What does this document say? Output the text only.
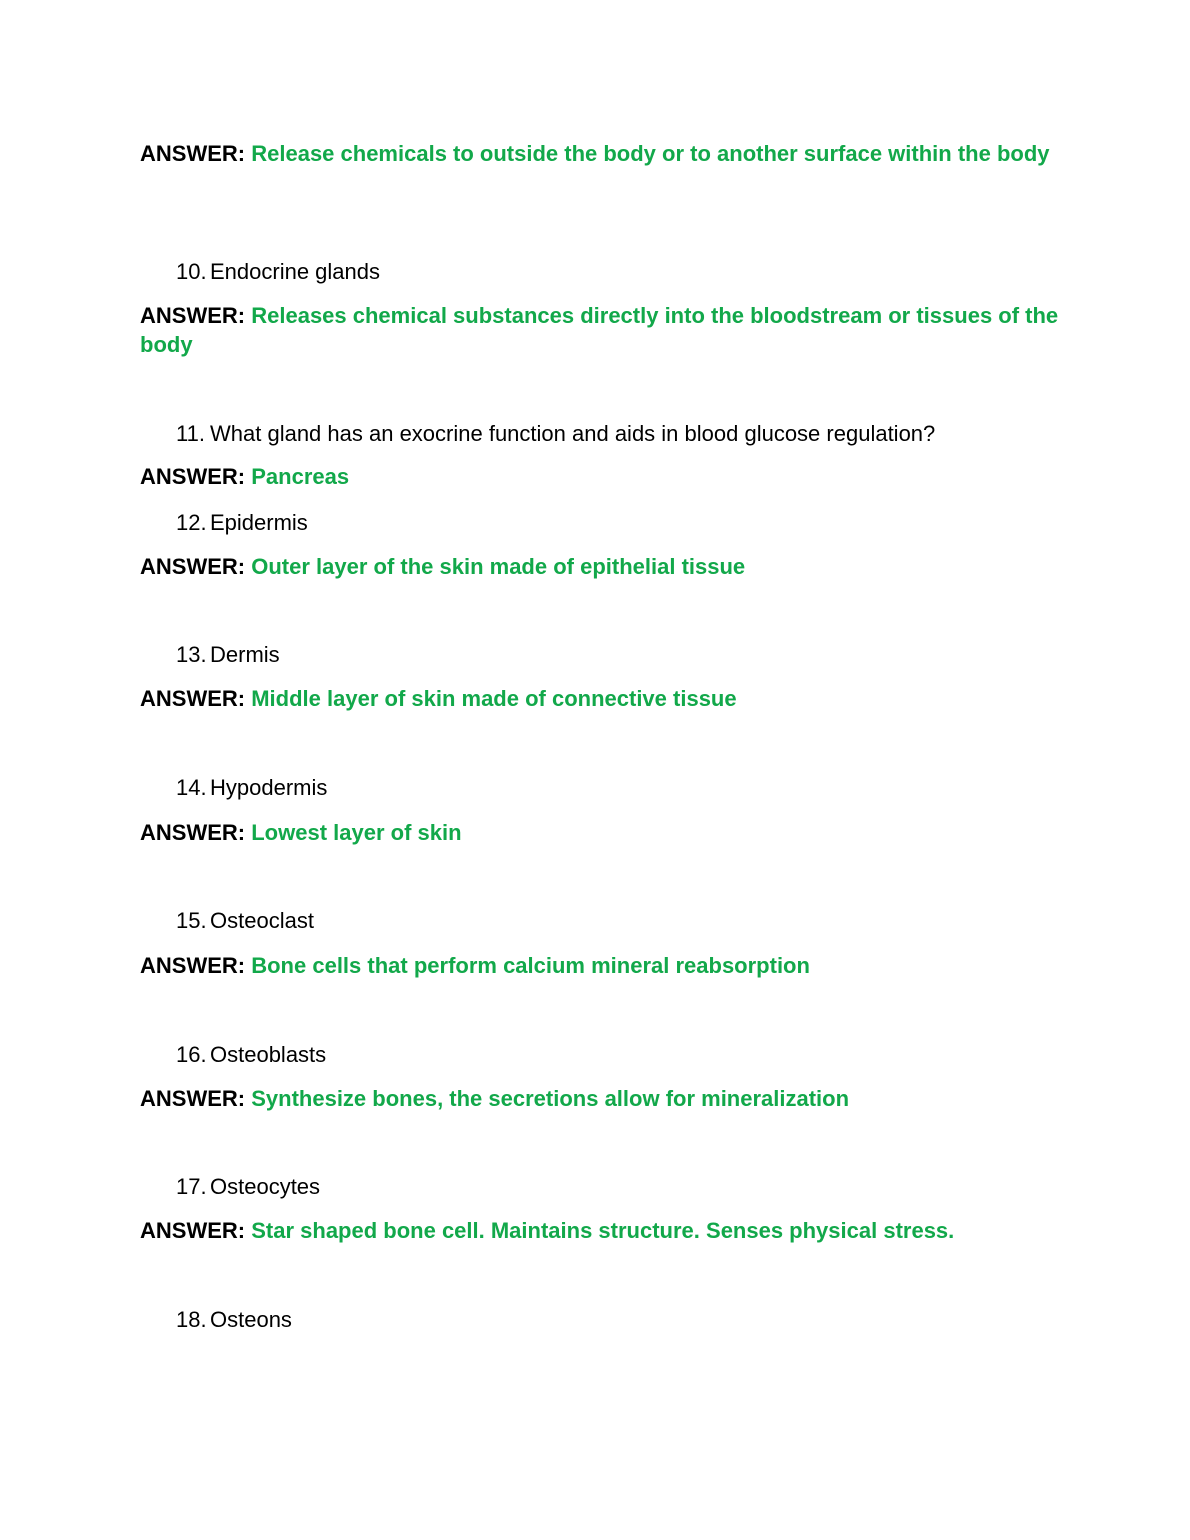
ANSWER: Release chemicals to outside the body or to another surface within the body
10. Endocrine glands
ANSWER: Releases chemical substances directly into the bloodstream or tissues of the body
11. What gland has an exocrine function and aids in blood glucose regulation?
ANSWER: Pancreas
12. Epidermis
ANSWER: Outer layer of the skin made of epithelial tissue
13. Dermis
ANSWER: Middle layer of skin made of connective tissue
14. Hypodermis
ANSWER: Lowest layer of skin
15. Osteoclast
ANSWER: Bone cells that perform calcium mineral reabsorption
16. Osteoblasts
ANSWER: Synthesize bones, the secretions allow for mineralization
17. Osteocytes
ANSWER: Star shaped bone cell. Maintains structure. Senses physical stress.
18. Osteons
